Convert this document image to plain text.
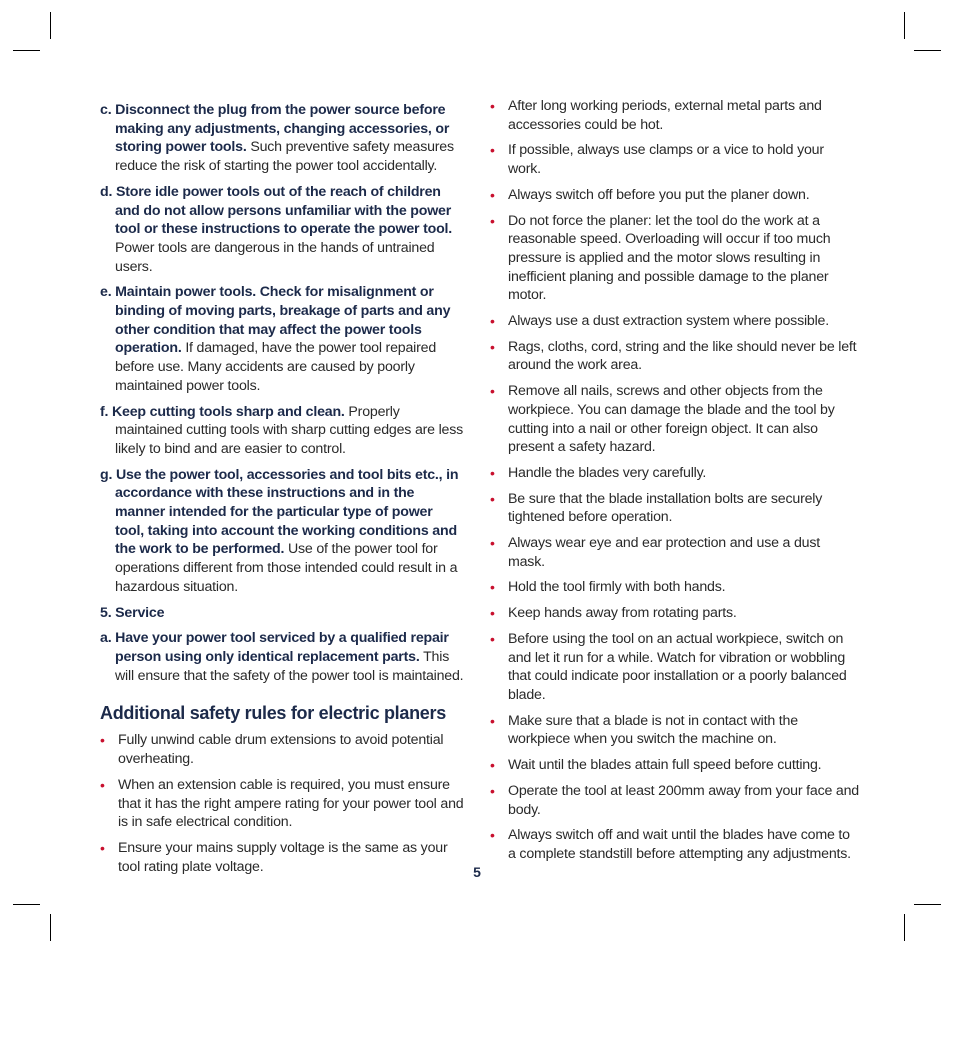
c. Disconnect the plug from the power source before making any adjustments, changing accessories, or storing power tools. Such preventive safety measures reduce the risk of starting the power tool accidentally.
d. Store idle power tools out of the reach of children and do not allow persons unfamiliar with the power tool or these instructions to operate the power tool. Power tools are dangerous in the hands of untrained users.
e. Maintain power tools. Check for misalignment or binding of moving parts, breakage of parts and any other condition that may affect the power tools operation. If damaged, have the power tool repaired before use. Many accidents are caused by poorly maintained power tools.
f. Keep cutting tools sharp and clean. Properly maintained cutting tools with sharp cutting edges are less likely to bind and are easier to control.
g. Use the power tool, accessories and tool bits etc., in accordance with these instructions and in the manner intended for the particular type of power tool, taking into account the working conditions and the work to be performed. Use of the power tool for operations different from those intended could result in a hazardous situation.
5. Service
a. Have your power tool serviced by a qualified repair person using only identical replacement parts. This will ensure that the safety of the power tool is maintained.
Additional safety rules for electric planers
• Fully unwind cable drum extensions to avoid potential overheating.
• When an extension cable is required, you must ensure that it has the right ampere rating for your power tool and is in safe electrical condition.
• Ensure your mains supply voltage is the same as your tool rating plate voltage.
• After long working periods, external metal parts and accessories could be hot.
• If possible, always use clamps or a vice to hold your work.
• Always switch off before you put the planer down.
• Do not force the planer: let the tool do the work at a reasonable speed. Overloading will occur if too much pressure is applied and the motor slows resulting in inefficient planing and possible damage to the planer motor.
• Always use a dust extraction system where possible.
• Rags, cloths, cord, string and the like should never be left around the work area.
• Remove all nails, screws and other objects from the workpiece. You can damage the blade and the tool by cutting into a nail or other foreign object. It can also present a safety hazard.
• Handle the blades very carefully.
• Be sure that the blade installation bolts are securely tightened before operation.
• Always wear eye and ear protection and use a dust mask.
• Hold the tool firmly with both hands.
• Keep hands away from rotating parts.
• Before using the tool on an actual workpiece, switch on and let it run for a while. Watch for vibration or wobbling that could indicate poor installation or a poorly balanced blade.
• Make sure that a blade is not in contact with the workpiece when you switch the machine on.
• Wait until the blades attain full speed before cutting.
• Operate the tool at least 200mm away from your face and body.
• Always switch off and wait until the blades have come to a complete standstill before attempting any adjustments.
5
